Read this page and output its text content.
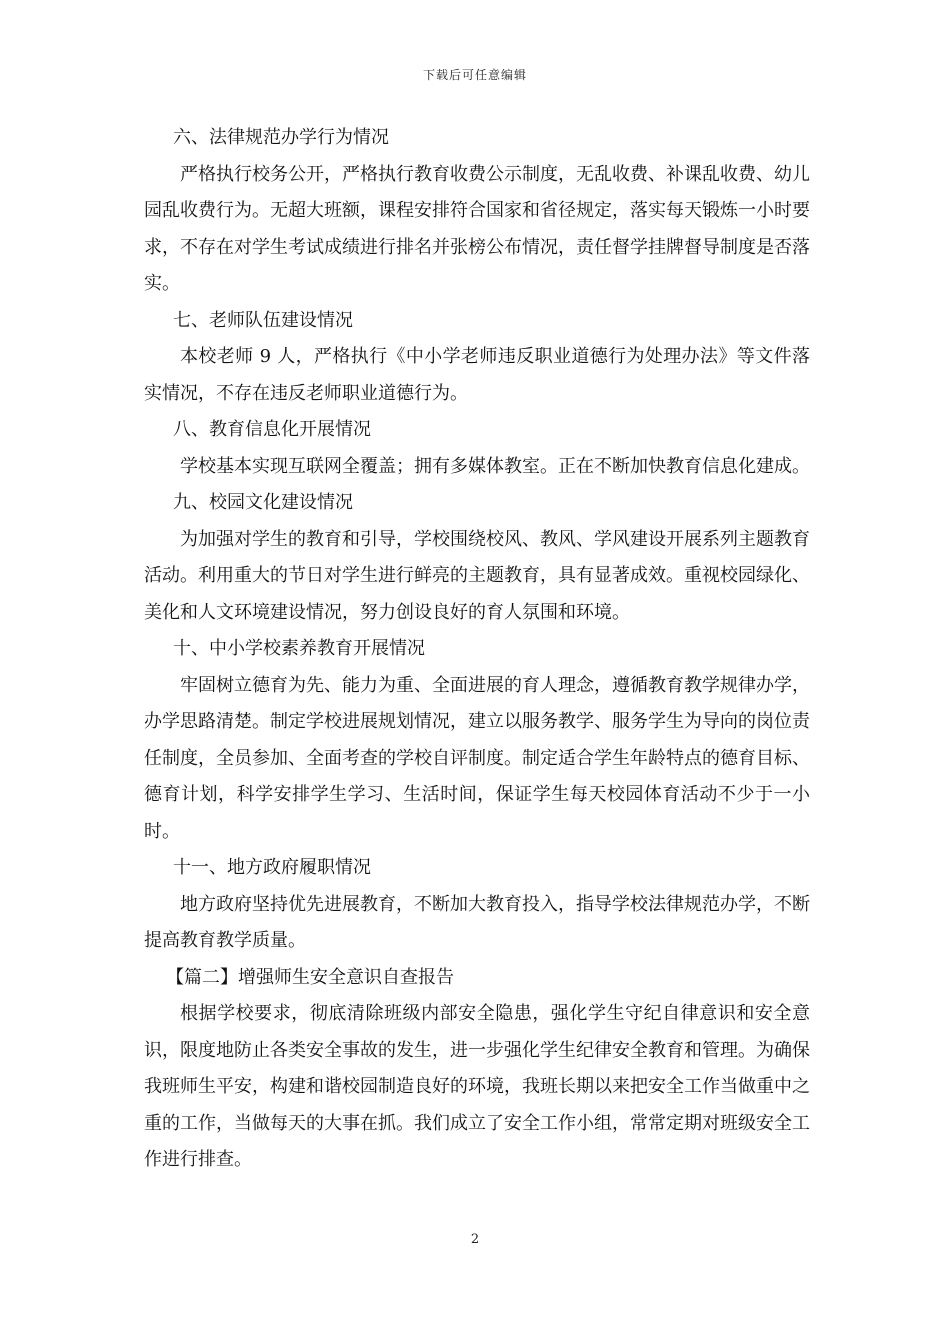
下载后可任意编辑

六、法律规范办学行为情况

严格执行校务公开，严格执行教育收费公示制度，无乱收费、补课乱收费、幼儿园乱收费行为。无超大班额，课程安排符合国家和省径规定，落实每天锻炼一小时要求，不存在对学生考试成绩进行排名并张榜公布情况，责任督学挂牌督导制度是否落实。

七、老师队伍建设情况

本校老师 9 人，严格执行《中小学老师违反职业道德行为处理办法》等文件落实情况，不存在违反老师职业道德行为。

八、教育信息化开展情况

学校基本实现互联网全覆盖；拥有多媒体教室。正在不断加快教育信息化建成。

九、校园文化建设情况

为加强对学生的教育和引导，学校围绕校风、教风、学风建设开展系列主题教育活动。利用重大的节日对学生进行鲜亮的主题教育，具有显著成效。重视校园绿化、美化和人文环境建设情况，努力创设良好的育人氛围和环境。

十、中小学校素养教育开展情况

牢固树立德育为先、能力为重、全面进展的育人理念，遵循教育教学规律办学，办学思路清楚。制定学校进展规划情况，建立以服务教学、服务学生为导向的岗位责任制度，全员参加、全面考查的学校自评制度。制定适合学生年龄特点的德育目标、德育计划，科学安排学生学习、生活时间，保证学生每天校园体育活动不少于一小时。

十一、地方政府履职情况

地方政府坚持优先进展教育，不断加大教育投入，指导学校法律规范办学，不断提高教育教学质量。

【篇二】增强师生安全意识自查报告

根据学校要求，彻底清除班级内部安全隐患，强化学生守纪自律意识和安全意识，限度地防止各类安全事故的发生，进一步强化学生纪律安全教育和管理。为确保我班师生平安，构建和谐校园制造良好的环境，我班长期以来把安全工作当做重中之重的工作，当做每天的大事在抓。我们成立了安全工作小组，常常定期对班级安全工作进行排查。

2
